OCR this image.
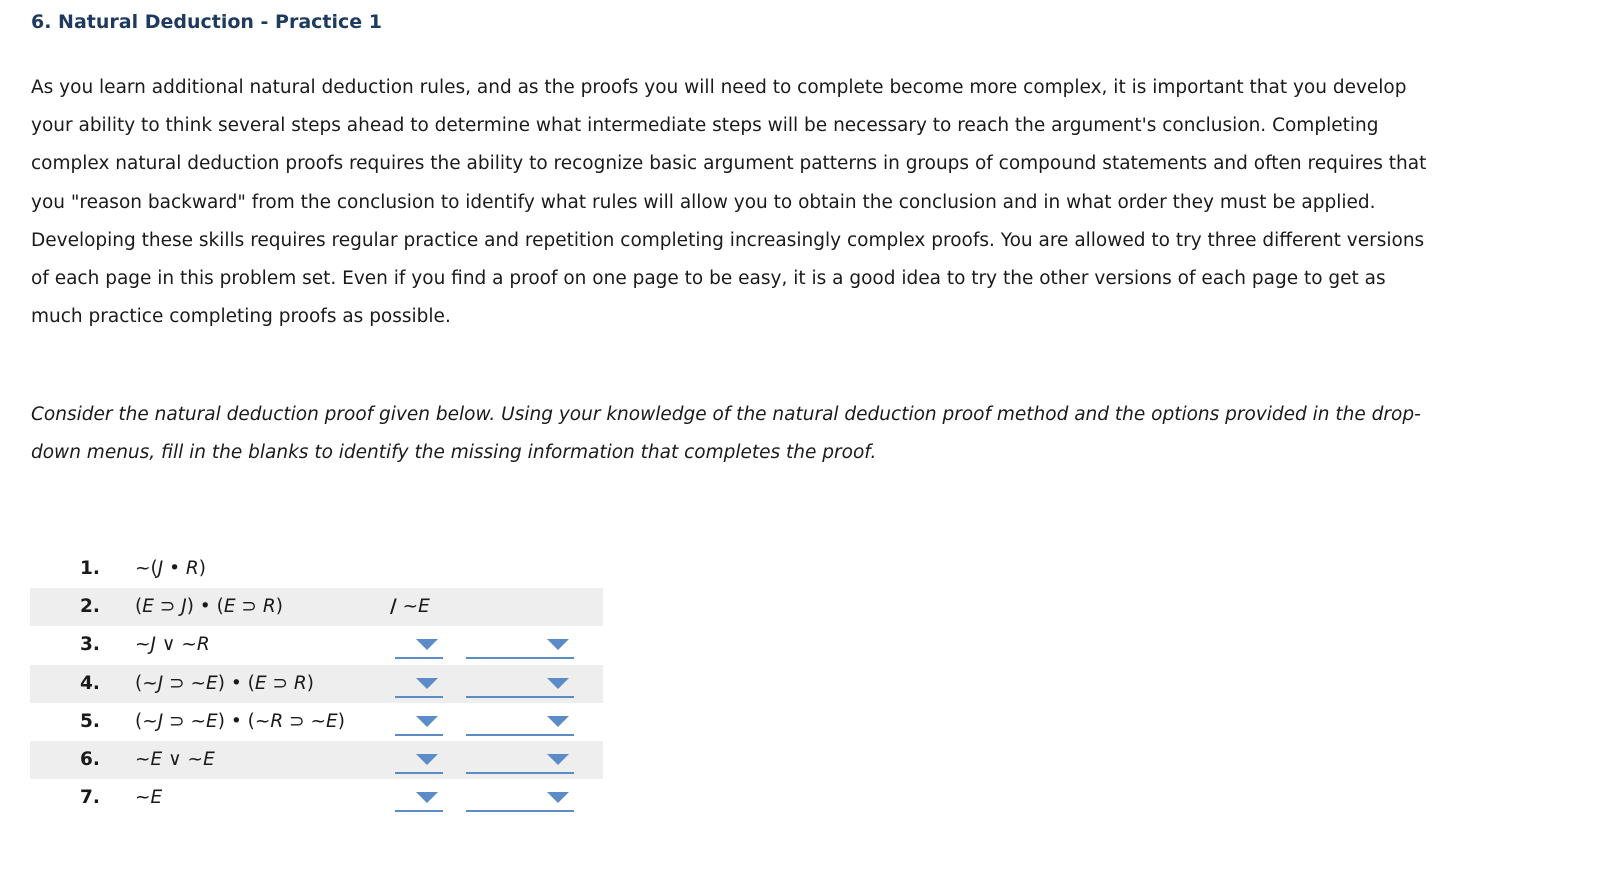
6. Natural Deduction - Practice 1
As you learn additional natural deduction rules, and as the proofs you will need to complete become more complex, it is important that you develop
your ability to think several steps ahead to determine what intermediate steps will be necessary to reach the argument's conclusion. Completing
complex natural deduction proofs requires the ability to recognize basic argument patterns in groups of compound statements and often requires that
you "reason backward" from the conclusion to identify what rules will allow you to obtain the conclusion and in what order they must be applied.
Developing these skills requires regular practice and repetition completing increasingly complex proofs. You are allowed to try three different versions
of each page in this problem set. Even if you find a proof on one page to be easy, it is a good idea to try the other versions of each page to get as
much practice completing proofs as possible.
Consider the natural deduction proof given below. Using your knowledge of the natural deduction proof method and the options provided in the drop-
down menus, fill in the blanks to identify the missing information that completes the proof.
1. ~(J • R)
2. (E ⊃ J) • (E ⊃ R)	/ ~E
3. ~J ∨ ~R
4. (~J ⊃ ~E) • (E ⊃ R)
5. (~J ⊃ ~E) • (~R ⊃ ~E)
6. ~E ∨ ~E
7. ~E
